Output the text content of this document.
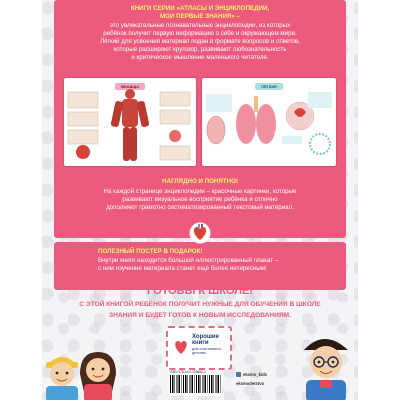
КНИГИ СЕРИИ «АТЛАСЫ И ЭНЦИКЛОПЕДИИ,
МОИ ПЕРВЫЕ ЗНАНИЯ» –
это увлекательные познавательные энциклопедии, из которых
ребёнок получит первую информацию о себе и окружающем мире.
Лёгкий для усвоения материал подан в формате вопросов и ответов,
которые расширяют кругозор, развивают любознательность
и критическое мышление маленького читателя.
НАГЛЯДНО И ПОНЯТНО!
На каждой странице энциклопедии – красочные картинки, которые
развивают визуальное восприятие ребёнка и отлично
дополняют грамотно систематизированный текстовый материал.
МЫШЦЫ	ЛЁГКИЕ
ПОЛЕЗНЫЙ ПОСТЕР В ПОДАРОК!
Внутри книги находится большой иллюстрированный плакат –
с ним изучение материала станет ещё более интересным!
ГОТОВЫ К ШКОЛЕ!
С ЭТОЙ КНИГОЙ РЕБЁНОК ПОЛУЧИТ НУЖНЫЕ ДЛЯ ОБУЧЕНИЯ В ШКОЛЕ
ЗНАНИЯ И БУДЕТ ГОТОВ К НОВЫМ ИССЛЕДОВАНИЯМ.
Хорошие
книги
для счастливого
детства
ISBN 978-5-04-155665-4	eksmo_kids
eksmodetstvo
